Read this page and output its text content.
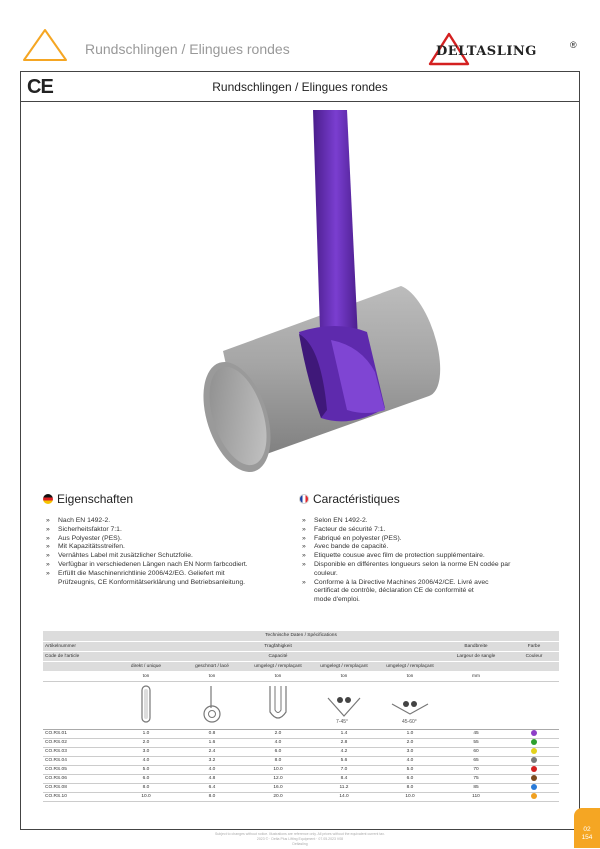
Rundschlingen / Elingues rondes	DELTASLING	®
CE	Rundschlingen / Elingues rondes
Eigenschaften
» Nach EN 1492-2.
» Sicherheitsfaktor 7:1.
» Aus Polyester (PES).
» Mit Kapazitätsstreifen.
» Vernähtes Label mit zusätzlicher Schutzfolie.
» Verfügbar in verschiedenen Längen nach EN Norm farbcodiert.
» Erfüllt die Maschinenrichtlinie 2006/42/EG. Geliefert mit
Prüfzeugnis, CE Konformitätserklärung und Betriebsanleitung.
Caractéristiques
» Selon EN 1492-2.
» Facteur de sécurité 7:1.
» Fabriqué en polyester (PES).
» Avec bande de capacité.
» Etiquette cousue avec film de protection supplémentaire.
» Disponible en différentes longueurs selon la norme EN codée par
couleur.
» Conforme à la Directive Machines 2006/42/CE. Livré avec
certificat de contrôle, déclaration CE de conformité et
mode d'emploi.
Technische Daten / Spécifications							
Artikelnummer	Tragfähigkeit					Bandbreite	Farbe
Code de l'article	Capacité					Largeur de sangle	Couleur
	direkt / unique	geschnürt / lacé	umgelegt / remplaçant	umgelegt / remplaçant	umgelegt / remplaçant		
	ton	ton	ton	ton	ton	mm	

7-45°	45-60°		

CO.RS.01	1.0	0.8	2.0	1.4	1.0	45	
CO.RS.02	2.0	1.6	4.0	2.8	2.0	55	
CO.RS.03	3.0	2.4	6.0	4.2	3.0	60	
CO.RS.04	4.0	3.2	8.0	5.6	4.0	65	
CO.RS.05	5.0	4.0	10.0	7.0	5.0	70	
CO.RS.06	6.0	4.8	12.0	8.4	6.0	75	
CO.RS.08	8.0	6.4	16.0	11.2	8.0	85	
CO.RS.10	10.0	8.0	20.0	14.0	10.0	110	
Subject to changes without notice. Illustrations are reference only. All prices without the equivalent current tax.
2023 © · Delta Plus Lifting Equipment · 07.05.2023 V08
Deltasling
02
154
